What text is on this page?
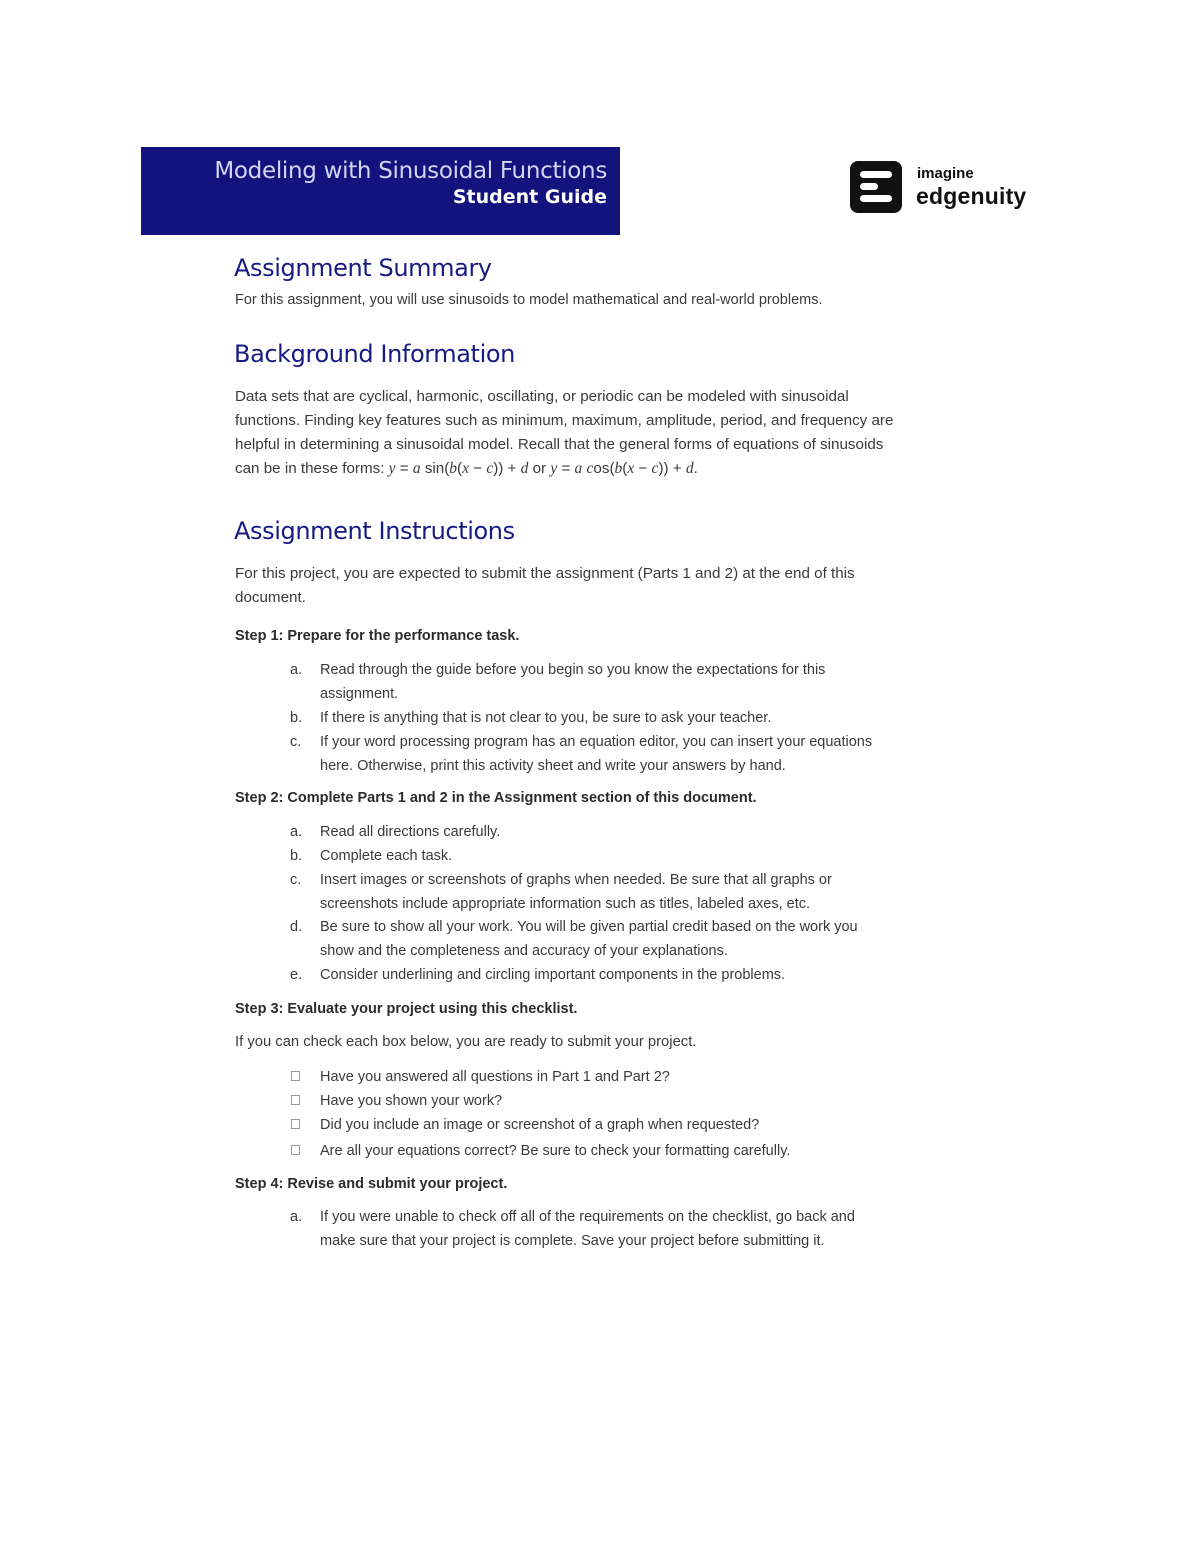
Modeling with Sinusoidal Functions
Student Guide
imagine
edgenuity
Assignment Summary

For this assignment, you will use sinusoids to model mathematical and real-world problems.

Background Information

Data sets that are cyclical, harmonic, oscillating, or periodic can be modeled with sinusoidal

functions. Finding key features such as minimum, maximum, amplitude, period, and frequency are

helpful in determining a sinusoidal model. Recall that the general forms of equations of sinusoids

can be in these forms: y = a sin(b(x − c)) + d or y = a cos(b(x − c)) + d.

Assignment Instructions

For this project, you are expected to submit the assignment (Parts 1 and 2) at the end of this

document.

Step 1: Prepare for the performance task.

a. Read through the guide before you begin so you know the expectations for this
assignment.
b. If there is anything that is not clear to you, be sure to ask your teacher.
c. If your word processing program has an equation editor, you can insert your equations
here. Otherwise, print this activity sheet and write your answers by hand.

Step 2: Complete Parts 1 and 2 in the Assignment section of this document.

a. Read all directions carefully.
b. Complete each task.
c. Insert images or screenshots of graphs when needed. Be sure that all graphs or
screenshots include appropriate information such as titles, labeled axes, etc.
d. Be sure to show all your work. You will be given partial credit based on the work you
show and the completeness and accuracy of your explanations.
e. Consider underlining and circling important components in the problems.

Step 3: Evaluate your project using this checklist.

If you can check each box below, you are ready to submit your project.

Have you answered all questions in Part 1 and Part 2?
Have you shown your work?
Did you include an image or screenshot of a graph when requested?
Are all your equations correct? Be sure to check your formatting carefully.

Step 4: Revise and submit your project.

a. If you were unable to check off all of the requirements on the checklist, go back and
make sure that your project is complete. Save your project before submitting it.
